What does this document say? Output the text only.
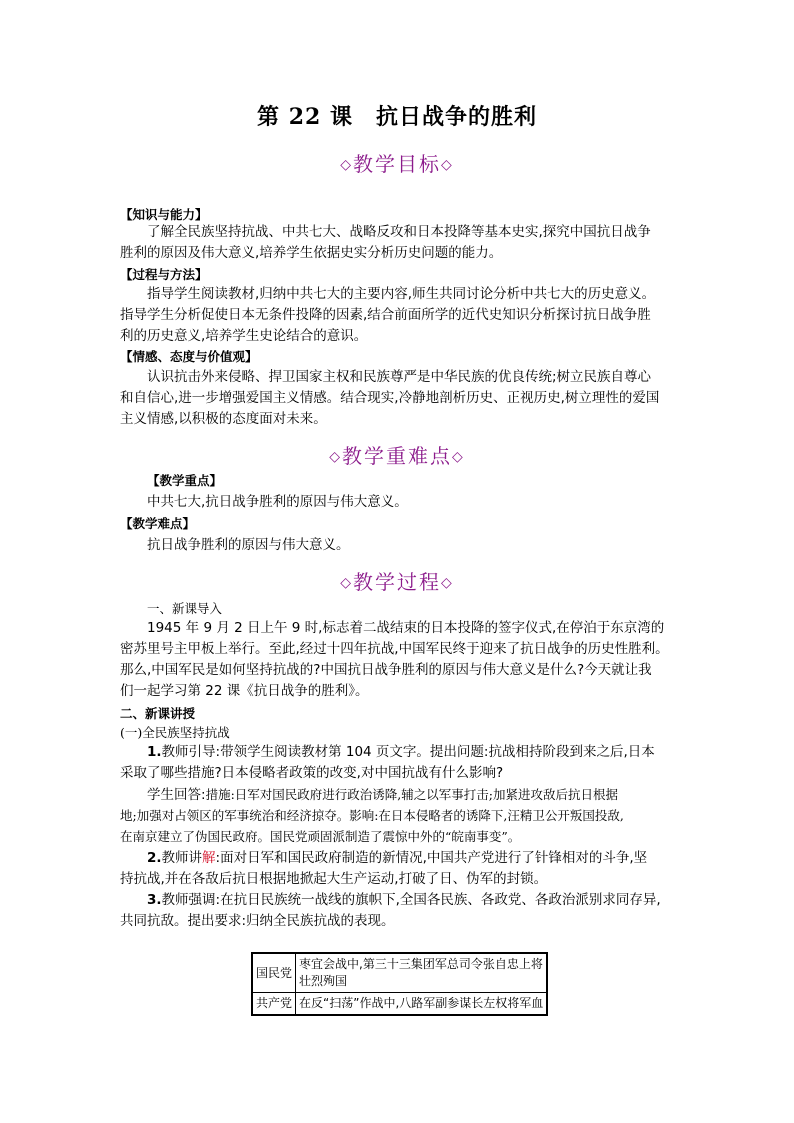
第 22 课　抗日战争的胜利
◇教学目标◇
【知识与能力】
了解全民族坚持抗战、中共七大、战略反攻和日本投降等基本史实,探究中国抗日战争
胜利的原因及伟大意义,培养学生依据史实分析历史问题的能力。
【过程与方法】
指导学生阅读教材,归纳中共七大的主要内容,师生共同讨论分析中共七大的历史意义。
指导学生分析促使日本无条件投降的因素,结合前面所学的近代史知识分析探讨抗日战争胜
利的历史意义,培养学生史论结合的意识。
【情感、态度与价值观】
认识抗击外来侵略、捍卫国家主权和民族尊严是中华民族的优良传统;树立民族自尊心
和自信心,进一步增强爱国主义情感。结合现实,冷静地剖析历史、正视历史,树立理性的爱国
主义情感,以积极的态度面对未来。
◇教学重难点◇
【教学重点】
中共七大,抗日战争胜利的原因与伟大意义。
【教学难点】
抗日战争胜利的原因与伟大意义。
◇教学过程◇
一、新课导入
1945 年 9 月 2 日上午 9 时,标志着二战结束的日本投降的签字仪式,在停泊于东京湾的
密苏里号主甲板上举行。至此,经过十四年抗战,中国军民终于迎来了抗日战争的历史性胜利。
那么,中国军民是如何坚持抗战的?中国抗日战争胜利的原因与伟大意义是什么?今天就让我
们一起学习第 22 课《抗日战争的胜利》。
二、新课讲授
(一)全民族坚持抗战
1.教师引导:带领学生阅读教材第 104 页文字。提出问题:抗战相持阶段到来之后,日本
采取了哪些措施?日本侵略者政策的改变,对中国抗战有什么影响?
学生回答:措施:日军对国民政府进行政治诱降,辅之以军事打击;加紧进攻敌后抗日根据
地;加强对占领区的军事统治和经济掠夺。影响:在日本侵略者的诱降下,汪精卫公开叛国投敌,
在南京建立了伪国民政府。国民党顽固派制造了震惊中外的“皖南事变”。
2.教师讲解:面对日军和国民政府制造的新情况,中国共产党进行了针锋相对的斗争,坚
持抗战,并在各敌后抗日根据地掀起大生产运动,打破了日、伪军的封锁。
3.教师强调:在抗日民族统一战线的旗帜下,全国各民族、各政党、各政治派别求同存异,
共同抗敌。提出要求:归纳全民族抗战的表现。
国民党	枣宜会战中,第三十三集团军总司令张自忠上将壮烈殉国
共产党	在反“扫荡”作战中,八路军副参谋长左权将军血
